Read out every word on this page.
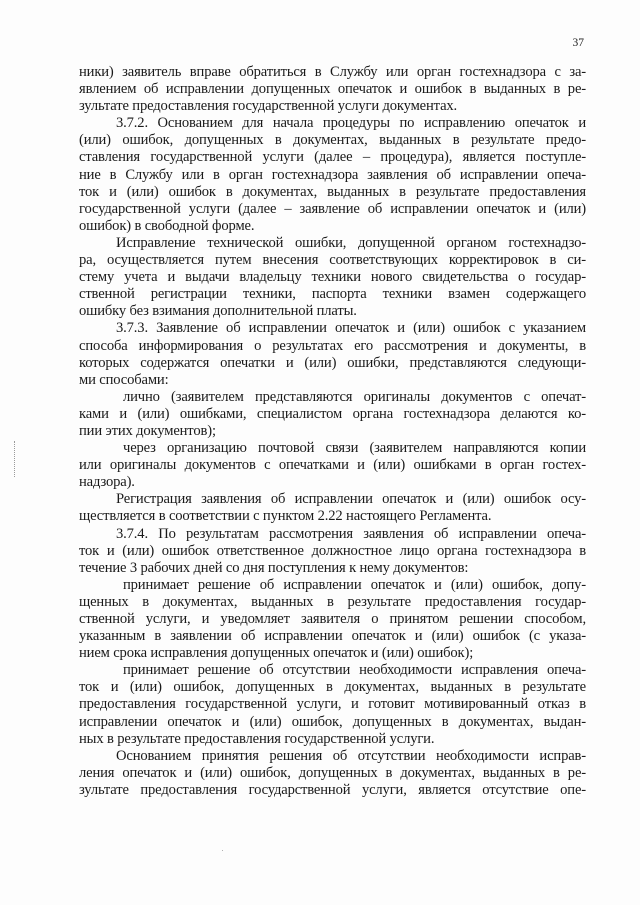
37
ники) заявитель вправе обратиться в Службу или орган гостехнадзора с за-
явлением об исправлении допущенных опечаток и ошибок в выданных в ре-
зультате предоставления государственной услуги документах.
3.7.2. Основанием для начала процедуры по исправлению опечаток и
(или) ошибок, допущенных в документах, выданных в результате предо-
ставления государственной услуги (далее – процедура), является поступле-
ние в Службу или в орган гостехнадзора заявления об исправлении опеча-
ток и (или) ошибок в документах, выданных в результате предоставления
государственной услуги (далее – заявление об исправлении опечаток и (или)
ошибок) в свободной форме.
Исправление технической ошибки, допущенной органом гостехнадзо-
ра, осуществляется путем внесения соответствующих корректировок в си-
стему учета и выдачи владельцу техники нового свидетельства о государ-
ственной регистрации техники, паспорта техники взамен содержащего
ошибку без взимания дополнительной платы.
3.7.3. Заявление об исправлении опечаток и (или) ошибок с указанием
способа информирования о результатах его рассмотрения и документы, в
которых содержатся опечатки и (или) ошибки, представляются следующи-
ми способами:
лично (заявителем представляются оригиналы документов с опечат-
ками и (или) ошибками, специалистом органа гостехнадзора делаются ко-
пии этих документов);
через организацию почтовой связи (заявителем направляются копии
или оригиналы документов с опечатками и (или) ошибками в орган гостех-
надзора).
Регистрация заявления об исправлении опечаток и (или) ошибок осу-
ществляется в соответствии с пунктом 2.22 настоящего Регламента.
3.7.4. По результатам рассмотрения заявления об исправлении опеча-
ток и (или) ошибок ответственное должностное лицо органа гостехнадзора в
течение 3 рабочих дней со дня поступления к нему документов:
принимает решение об исправлении опечаток и (или) ошибок, допу-
щенных в документах, выданных в результате предоставления государ-
ственной услуги, и уведомляет заявителя о принятом решении способом,
указанным в заявлении об исправлении опечаток и (или) ошибок (с указа-
нием срока исправления допущенных опечаток и (или) ошибок);
принимает решение об отсутствии необходимости исправления опеча-
ток и (или) ошибок, допущенных в документах, выданных в результате
предоставления государственной услуги, и готовит мотивированный отказ в
исправлении опечаток и (или) ошибок, допущенных в документах, выдан-
ных в результате предоставления государственной услуги.
Основанием принятия решения об отсутствии необходимости исправ-
ления опечаток и (или) ошибок, допущенных в документах, выданных в ре-
зультате предоставления государственной услуги, является отсутствие опе-
